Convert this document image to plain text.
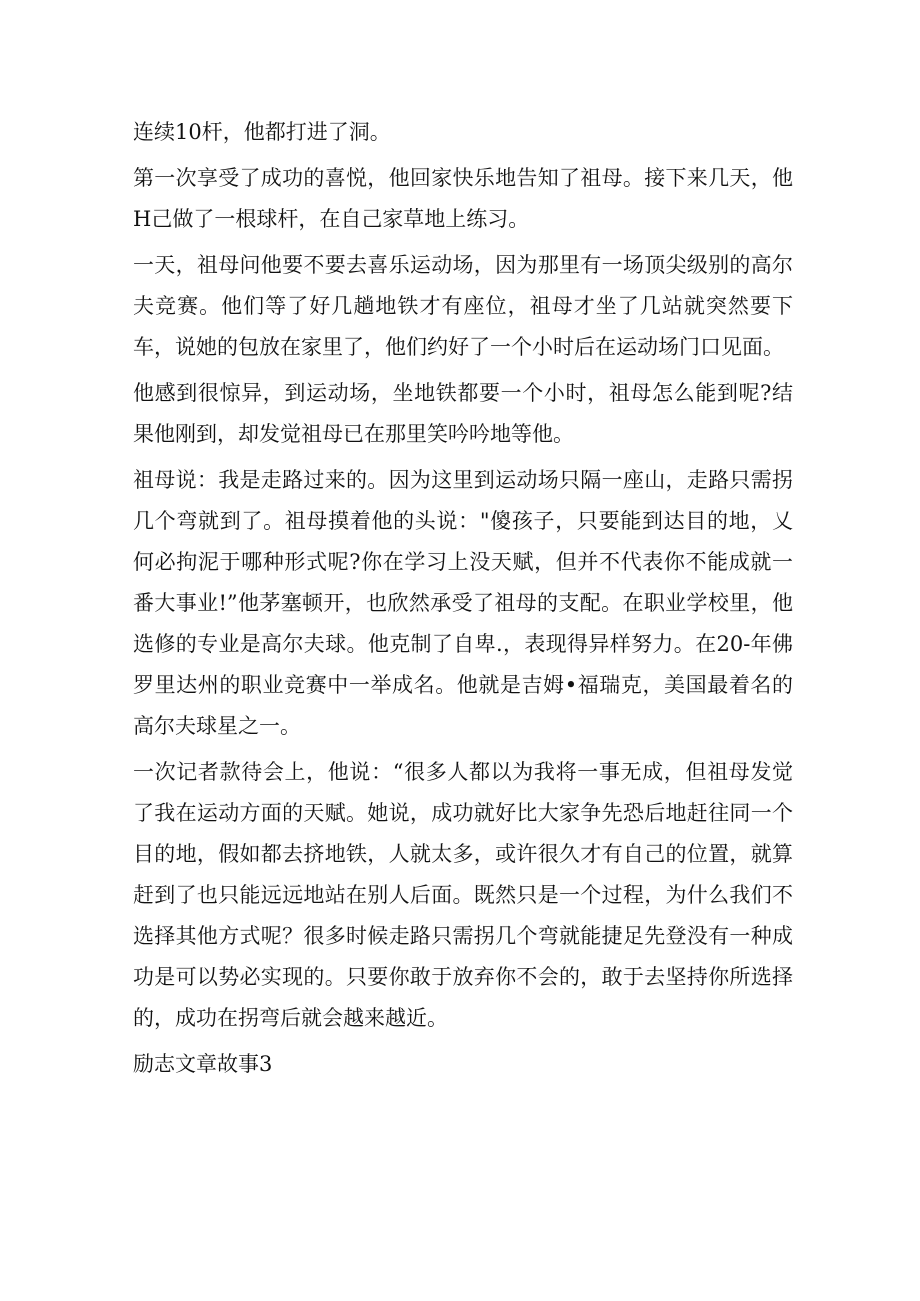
连续10杆，他都打进了洞。

第一次享受了成功的喜悦，他回家快乐地告知了祖母。接下来几天，他H己做了一根球杆，在自己家草地上练习。

一天，祖母问他要不要去喜乐运动场，因为那里有一场顶尖级别的高尔夫竞赛。他们等了好几趟地铁才有座位，祖母才坐了几站就突然要下车，说她的包放在家里了，他们约好了一个小时后在运动场门口见面。

他感到很惊异，到运动场，坐地铁都要一个小时，祖母怎么能到呢?结果他刚到，却发觉祖母已在那里笑吟吟地等他。

祖母说：我是走路过来的。因为这里到运动场只隔一座山，走路只需拐几个弯就到了。祖母摸着他的头说："傻孩子，只要能到达目的地，乂何必拘泥于哪种形式呢?你在学习上没天赋，但并不代表你不能成就一番大事业!”他茅塞顿开，也欣然承受了祖母的支配。在职业学校里，他选修的专业是高尔夫球。他克制了自卑.，表现得异样努力。在20-年佛罗里达州的职业竞赛中一举成名。他就是吉姆•福瑞克，美国最着名的高尔夫球星之一。

一次记者款待会上，他说：“很多人都以为我将一事无成，但祖母发觉了我在运动方面的天赋。她说，成功就好比大家争先恐后地赶往同一个目的地，假如都去挤地铁，人就太多，或许很久才有自己的位置，就算赶到了也只能远远地站在别人后面。既然只是一个过程，为什么我们不选择其他方式呢？很多时候走路只需拐几个弯就能捷足先登没有一种成功是可以势必实现的。只要你敢于放弃你不会的，敢于去坚持你所选择的，成功在拐弯后就会越来越近。

励志文章故事3
